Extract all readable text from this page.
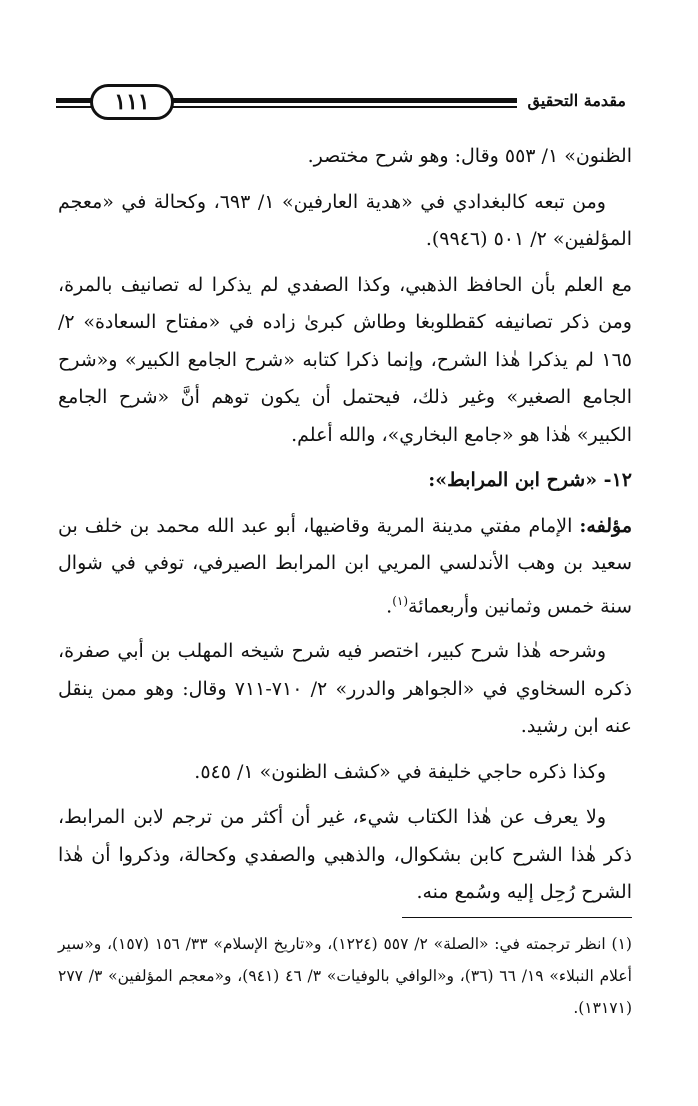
١١١	مقدمة التحقيق

الظنون» ١/ ٥٥٣ وقال: وهو شرح مختصر.

ومن تبعه كالبغدادي في «هدية العارفين» ١/ ٦٩٣، وكحالة في «معجم المؤلفين» ٢/ ٥٠١ (٩٩٤٦).

مع العلم بأن الحافظ الذهبي، وكذا الصفدي لم يذكرا له تصانيف بالمرة، ومن ذكر تصانيفه كقطلوبغا وطاش كبرىٰ زاده في «مفتاح السعادة» ٢/ ١٦٥ لم يذكرا هٰذا الشرح، وإنما ذكرا كتابه «شرح الجامع الكبير» و«شرح الجامع الصغير» وغير ذلك، فيحتمل أن يكون توهم أنَّ «شرح الجامع الكبير» هٰذا هو «جامع البخاري»، والله أعلم.

١٢- «شرح ابن المرابط»:

مؤلفه: الإمام مفتي مدينة المرية وقاضيها، أبو عبد الله محمد بن خلف بن سعيد بن وهب الأندلسي المريي ابن المرابط الصيرفي، توفي في شوال سنة خمس وثمانين وأربعمائة$^{(١)}$.

وشرحه هٰذا شرح كبير، اختصر فيه شرح شيخه المهلب بن أبي صفرة، ذكره السخاوي في «الجواهر والدرر» ٢/ ٧١٠-٧١١ وقال: وهو ممن ينقل عنه ابن رشيد.

وكذا ذكره حاجي خليفة في «كشف الظنون» ١/ ٥٤٥.

ولا يعرف عن هٰذا الكتاب شيء، غير أن أكثر من ترجم لابن المرابط، ذكر هٰذا الشرح كابن بشكوال، والذهبي والصفدي وكحالة، وذكروا أن هٰذا الشرح رُحِل إليه وسُمع منه.

(١) انظر ترجمته في: «الصلة» ٢/ ٥٥٧ (١٢٢٤)، و«تاريخ الإسلام» ٣٣/ ١٥٦ (١٥٧)، و«سير أعلام النبلاء» ١٩/ ٦٦ (٣٦)، و«الوافي بالوفيات» ٣/ ٤٦ (٩٤١)، و«معجم المؤلفين» ٣/ ٢٧٧ (١٣١٧١).
